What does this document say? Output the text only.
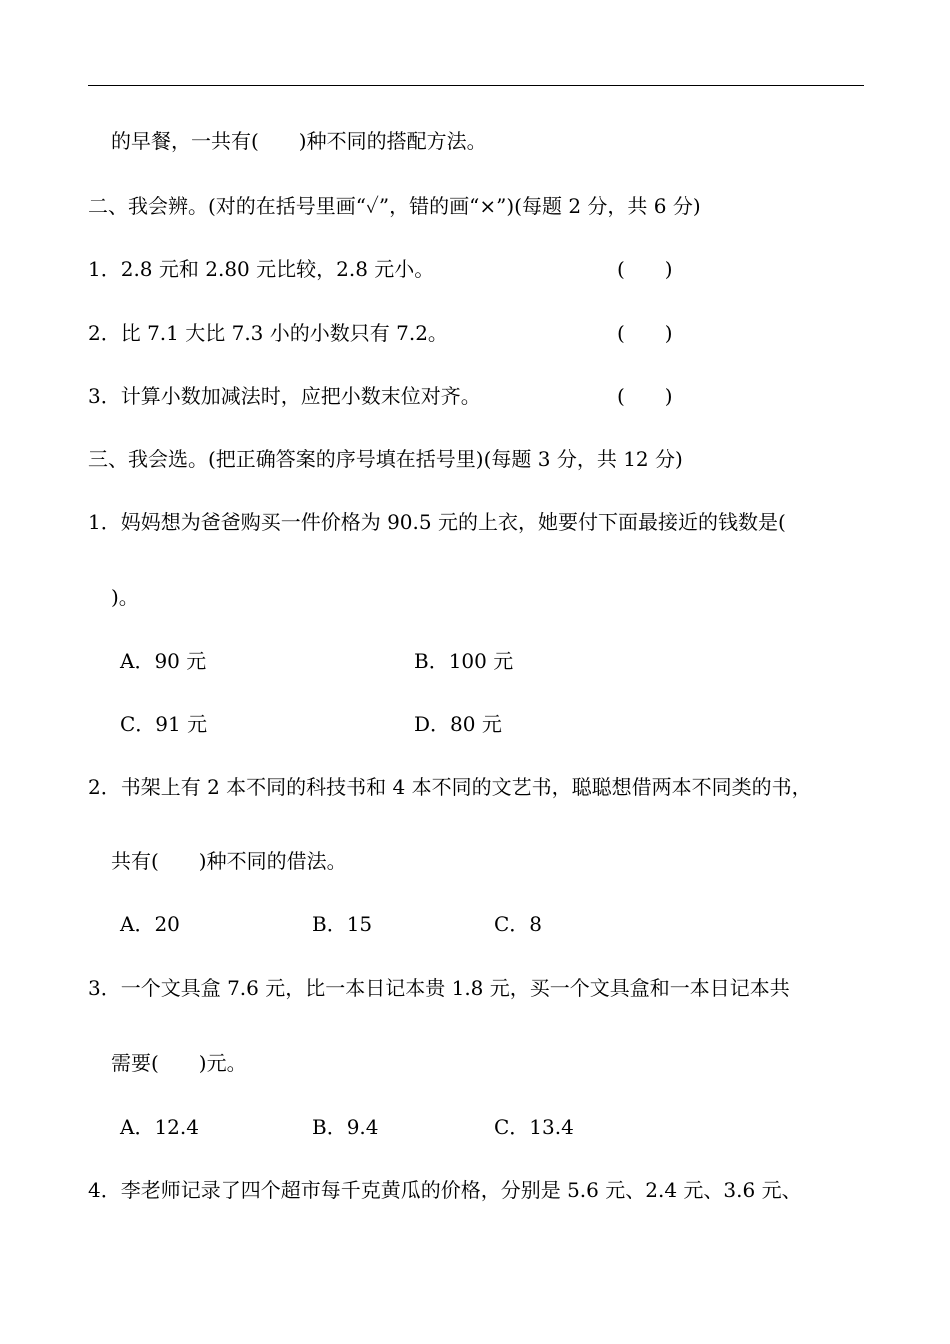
的早餐，一共有(　　)种不同的搭配方法。
二、我会辨。(对的在括号里画“✓”，错的画“×”)(每题 2 分，共 6 分)
1．2.8 元和 2.80 元比较，2.8 元小。	(　　)
2．比 7.1 大比 7.3 小的小数只有 7.2。	(　　)
3．计算小数加减法时，应把小数末位对齐。	(　　)
三、我会选。(把正确答案的序号填在括号里)(每题 3 分，共 12 分)
1．妈妈想为爸爸购买一件价格为 90.5 元的上衣，她要付下面最接近的钱数是(
)。
A．90 元	B．100 元
C．91 元	D．80 元
2．书架上有 2 本不同的科技书和 4 本不同的文艺书，聪聪想借两本不同类的书，
共有(　　)种不同的借法。
A．20	B．15	C．8
3．一个文具盒 7.6 元，比一本日记本贵 1.8 元，买一个文具盒和一本日记本共
需要(　　)元。
A．12.4	B．9.4	C．13.4
4．李老师记录了四个超市每千克黄瓜的价格，分别是 5.6 元、2.4 元、3.6 元、
